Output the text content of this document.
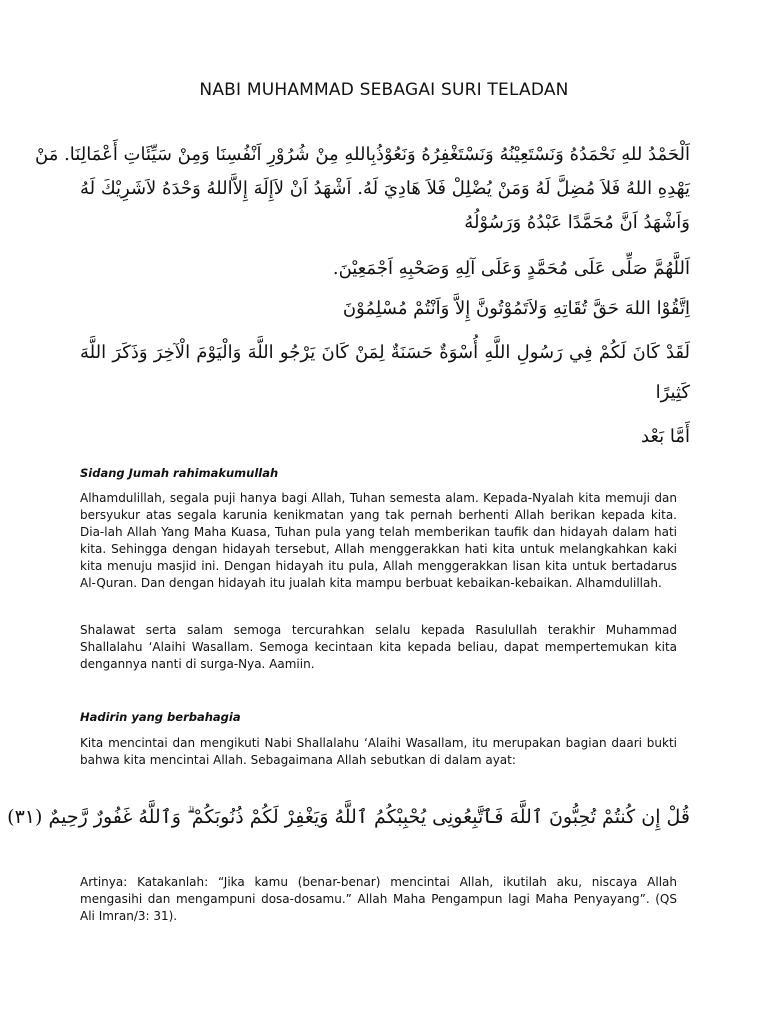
NABI MUHAMMAD SEBAGAI SURI TELADAN
اَلْحَمْدُ للهِ نَحْمَدُهُ وَنَسْتَعِيْنُهُ وَنَسْتَغْفِرُهُ وَنَعُوْذُبِاللهِ مِنْ شُرُوْرِ اَنْفُسِنَا وَمِنْ سَيِّئَاتِ أَعْمَالِنَا. مَنْ
يَهْدِهِ اللهُ فَلاَ مُضِلَّ لَهُ وَمَنْ يُضْلِلْ فَلاَ هَادِيَ لَهُ. اَشْهَدُ اَنْ لاَإِلَهَ إِلاَّاللهُ وَحْدَهُ لاَشَرِيْكَ لَهُ
وَاَشْهَدُ اَنَّ مُحَمَّدًا عَبْدُهُ وَرَسُوْلُهُ
اَللَّهُمَّ صَلِّى عَلَى مُحَمَّدٍ وَعَلَى آلِهِ وَصَحْبِهِ اَجْمَعِيْنَ.
اِتَّقُوْا اللهَ حَقَّ تُقَاتِهِ وَلاَتَمُوْتُونَّ إِلاَّ وَاَنْتُمْ مُسْلِمُوْنَ
لَقَدْ كَانَ لَكُمْ فِي رَسُولِ اللَّهِ أُسْوَةٌ حَسَنَةٌ لِمَنْ كَانَ يَرْجُو اللَّهَ وَالْيَوْمَ الْآخِرَ وَذَكَرَ اللَّهَ
كَثِيرًا
أَمَّا بَعْد
Sidang Jumah rahimakumullah
Alhamdulillah, segala puji hanya bagi Allah, Tuhan semesta alam. Kepada-Nyalah kita memuji dan bersyukur atas segala karunia kenikmatan yang tak pernah berhenti Allah berikan kepada kita. Dia-lah Allah Yang Maha Kuasa, Tuhan pula yang telah memberikan taufik dan hidayah dalam hati kita. Sehingga dengan hidayah tersebut, Allah menggerakkan hati kita untuk melangkahkan kaki kita menuju masjid ini. Dengan hidayah itu pula, Allah menggerakkan lisan kita untuk bertadarus Al-Quran. Dan dengan hidayah itu jualah kita mampu berbuat kebaikan-kebaikan. Alhamdulillah.
Shalawat serta salam semoga tercurahkan selalu kepada Rasulullah terakhir Muhammad Shallalahu ‘Alaihi Wasallam. Semoga kecintaan kita kepada beliau, dapat mempertemukan kita dengannya nanti di surga-Nya. Aamiin.
Hadirin yang berbahagia
Kita mencintai dan mengikuti Nabi Shallalahu ‘Alaihi Wasallam, itu merupakan bagian daari bukti bahwa kita mencintai Allah. Sebagaimana Allah sebutkan di dalam ayat:
قُلْ إِن كُنتُمْ تُحِبُّونَ ٱللَّهَ فَٱتَّبِعُونِى يُحْبِبْكُمُ ٱللَّهُ وَيَغْفِرْ لَكُمْ ذُنُوبَكُمْ ۗ وَٱللَّهُ غَفُورٌ رَّحِيمٌ (٣١)
Artinya: Katakanlah: “Jika kamu (benar-benar) mencintai Allah, ikutilah aku, niscaya Allah mengasihi dan mengampuni dosa-dosamu.” Allah Maha Pengampun lagi Maha Penyayang”. (QS Ali Imran/3: 31).
